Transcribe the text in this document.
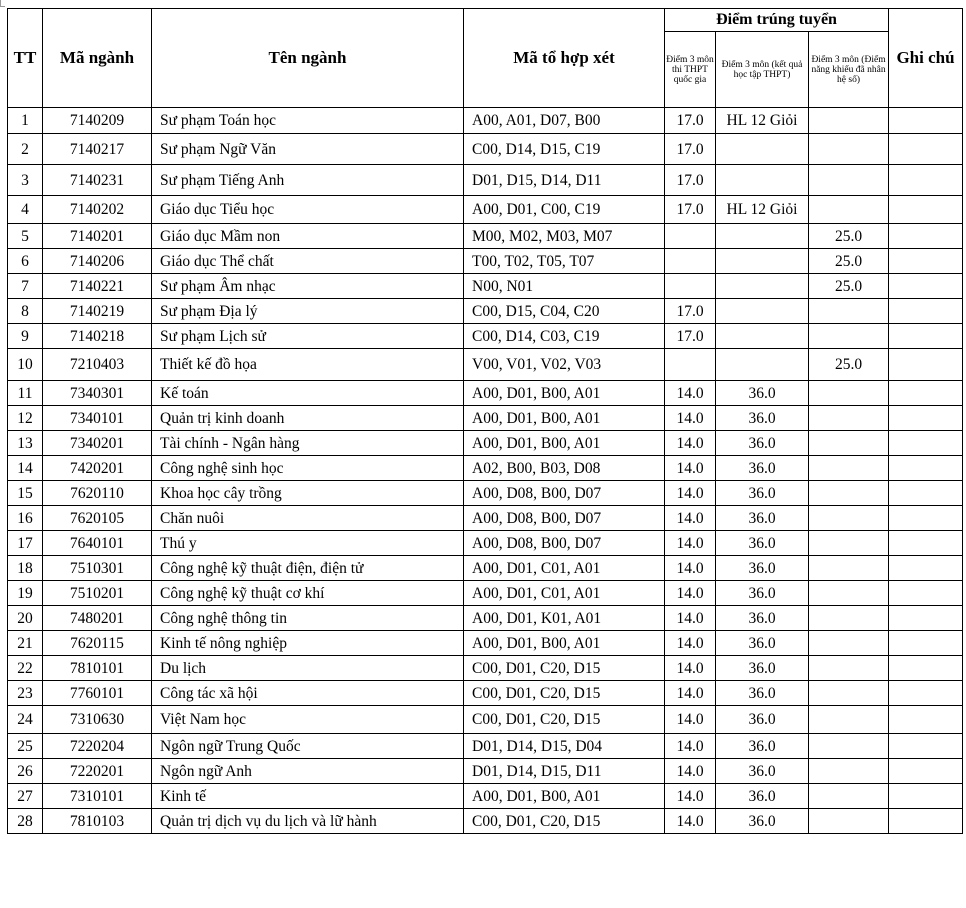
TT	Mã ngành	Tên ngành	Mã tổ hợp xét	Điểm trúng tuyển			Ghi chú
				Điểm 3 môn thi THPT quốc gia	Điểm 3 môn (kết quả học tập THPT)	Điểm 3 môn (Điểm năng khiếu đã nhân hệ số)	
1	7140209	Sư phạm Toán học	A00, A01, D07, B00	17.0	HL 12 Giỏi		
2	7140217	Sư phạm Ngữ Văn	C00, D14, D15, C19	17.0			
3	7140231	Sư phạm Tiếng Anh	D01, D15, D14, D11	17.0			
4	7140202	Giáo dục Tiểu học	A00, D01, C00, C19	17.0	HL 12 Giỏi		
5	7140201	Giáo dục Mầm non	M00, M02, M03, M07			25.0	
6	7140206	Giáo dục Thể chất	T00, T02, T05, T07			25.0	
7	7140221	Sư phạm Âm nhạc	N00, N01			25.0	
8	7140219	Sư phạm Địa lý	C00, D15, C04, C20	17.0			
9	7140218	Sư phạm Lịch sử	C00, D14, C03, C19	17.0			
10	7210403	Thiết kế đồ họa	V00, V01, V02, V03			25.0	
11	7340301	Kế toán	A00, D01, B00, A01	14.0	36.0		
12	7340101	Quản trị kinh doanh	A00, D01, B00, A01	14.0	36.0		
13	7340201	Tài chính - Ngân hàng	A00, D01, B00, A01	14.0	36.0		
14	7420201	Công nghệ sinh học	A02, B00, B03, D08	14.0	36.0		
15	7620110	Khoa học cây trồng	A00, D08, B00, D07	14.0	36.0		
16	7620105	Chăn nuôi	A00, D08, B00, D07	14.0	36.0		
17	7640101	Thú y	A00, D08, B00, D07	14.0	36.0		
18	7510301	Công nghệ kỹ thuật điện, điện tử	A00, D01, C01, A01	14.0	36.0		
19	7510201	Công nghệ kỹ thuật cơ khí	A00, D01, C01, A01	14.0	36.0		
20	7480201	Công nghệ thông tin	A00, D01, K01, A01	14.0	36.0		
21	7620115	Kinh tế nông nghiệp	A00, D01, B00, A01	14.0	36.0		
22	7810101	Du lịch	C00, D01, C20, D15	14.0	36.0		
23	7760101	Công tác xã hội	C00, D01, C20, D15	14.0	36.0		
24	7310630	Việt Nam học	C00, D01, C20, D15	14.0	36.0		
25	7220204	Ngôn ngữ Trung Quốc	D01, D14, D15, D04	14.0	36.0		
26	7220201	Ngôn ngữ Anh	D01, D14, D15, D11	14.0	36.0		
27	7310101	Kinh tế	A00, D01, B00, A01	14.0	36.0		
28	7810103	Quản trị dịch vụ du lịch và lữ hành	C00, D01, C20, D15	14.0	36.0		
